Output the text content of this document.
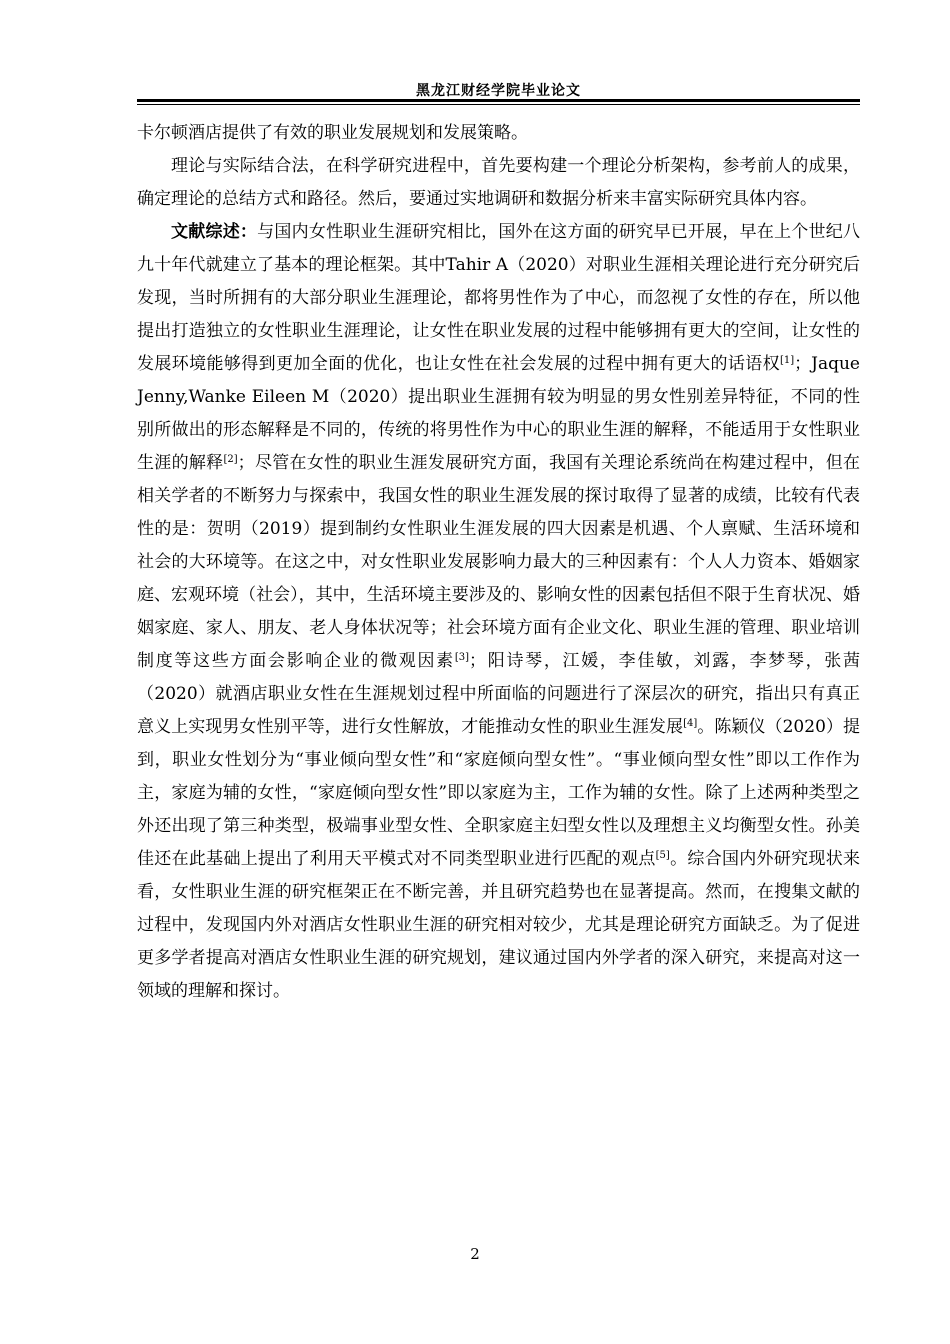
黑龙江财经学院毕业论文

卡尔顿酒店提供了有效的职业发展规划和发展策略。

理论与实际结合法，在科学研究进程中，首先要构建一个理论分析架构，参考前人的成果，确定理论的总结方式和路径。然后，要通过实地调研和数据分析来丰富实际研究具体内容。

文献综述：与国内女性职业生涯研究相比，国外在这方面的研究早已开展，早在上个世纪八九十年代就建立了基本的理论框架。其中Tahir A（2020）对职业生涯相关理论进行充分研究后发现，当时所拥有的大部分职业生涯理论，都将男性作为了中心，而忽视了女性的存在，所以他提出打造独立的女性职业生涯理论，让女性在职业发展的过程中能够拥有更大的空间，让女性的发展环境能够得到更加全面的优化，也让女性在社会发展的过程中拥有更大的话语权[1]；Jaque Jenny,Wanke Eileen M（2020）提出职业生涯拥有较为明显的男女性别差异特征，不同的性别所做出的形态解释是不同的，传统的将男性作为中心的职业生涯的解释，不能适用于女性职业生涯的解释[2]；尽管在女性的职业生涯发展研究方面，我国有关理论系统尚在构建过程中，但在相关学者的不断努力与探索中，我国女性的职业生涯发展的探讨取得了显著的成绩，比较有代表性的是：贺明（2019）提到制约女性职业生涯发展的四大因素是机遇、个人禀赋、生活环境和社会的大环境等。在这之中，对女性职业发展影响力最大的三种因素有：个人人力资本、婚姻家庭、宏观环境（社会），其中，生活环境主要涉及的、影响女性的因素包括但不限于生育状况、婚姻家庭、家人、朋友、老人身体状况等；社会环境方面有企业文化、职业生涯的管理、职业培训制度等这些方面会影响企业的微观因素[3]；阳诗琴，江媛，李佳敏，刘露，李梦琴，张茜（2020）就酒店职业女性在生涯规划过程中所面临的问题进行了深层次的研究，指出只有真正意义上实现男女性别平等，进行女性解放，才能推动女性的职业生涯发展[4]。陈颖仪（2020）提到，职业女性划分为“事业倾向型女性”和“家庭倾向型女性”。“事业倾向型女性”即以工作作为主，家庭为辅的女性，“家庭倾向型女性”即以家庭为主，工作为辅的女性。除了上述两种类型之外还出现了第三种类型，极端事业型女性、全职家庭主妇型女性以及理想主义均衡型女性。孙美佳还在此基础上提出了利用天平模式对不同类型职业进行匹配的观点[5]。综合国内外研究现状来看，女性职业生涯的研究框架正在不断完善，并且研究趋势也在显著提高。然而，在搜集文献的过程中，发现国内外对酒店女性职业生涯的研究相对较少，尤其是理论研究方面缺乏。为了促进更多学者提高对酒店女性职业生涯的研究规划，建议通过国内外学者的深入研究，来提高对这一领域的理解和探讨。

2
